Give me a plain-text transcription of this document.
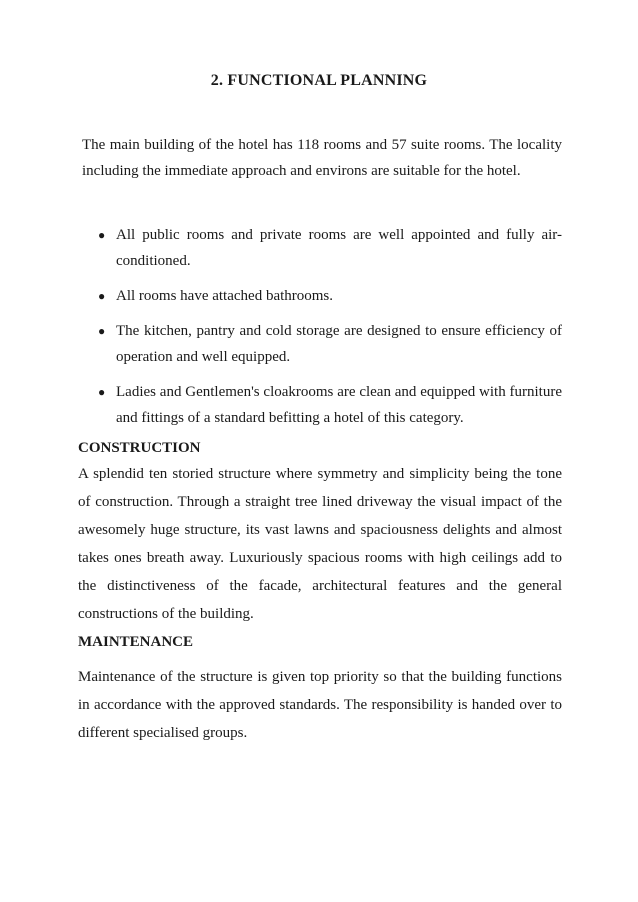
2. FUNCTIONAL PLANNING
The main building of the hotel has 118 rooms and 57 suite rooms. The locality including the immediate approach and environs are suitable for the hotel.
● All public rooms and private rooms are well appointed and fully air-conditioned.
● All rooms have attached bathrooms.
● The kitchen, pantry and cold storage are designed to ensure efficiency of operation and well equipped.
● Ladies and Gentlemen's cloakrooms are clean and equipped with furniture and fittings of a standard befitting a hotel of this category.
CONSTRUCTION
A splendid ten storied structure where symmetry and simplicity being the tone of construction. Through a straight tree lined driveway the visual impact of the awesomely huge structure, its vast lawns and spaciousness delights and almost takes ones breath away. Luxuriously spacious rooms with high ceilings add to the distinctiveness of the facade, architectural features and the general constructions of the building.
MAINTENANCE
Maintenance of the structure is given top priority so that the building functions in accordance with the approved standards. The responsibility is handed over to different specialised groups.
